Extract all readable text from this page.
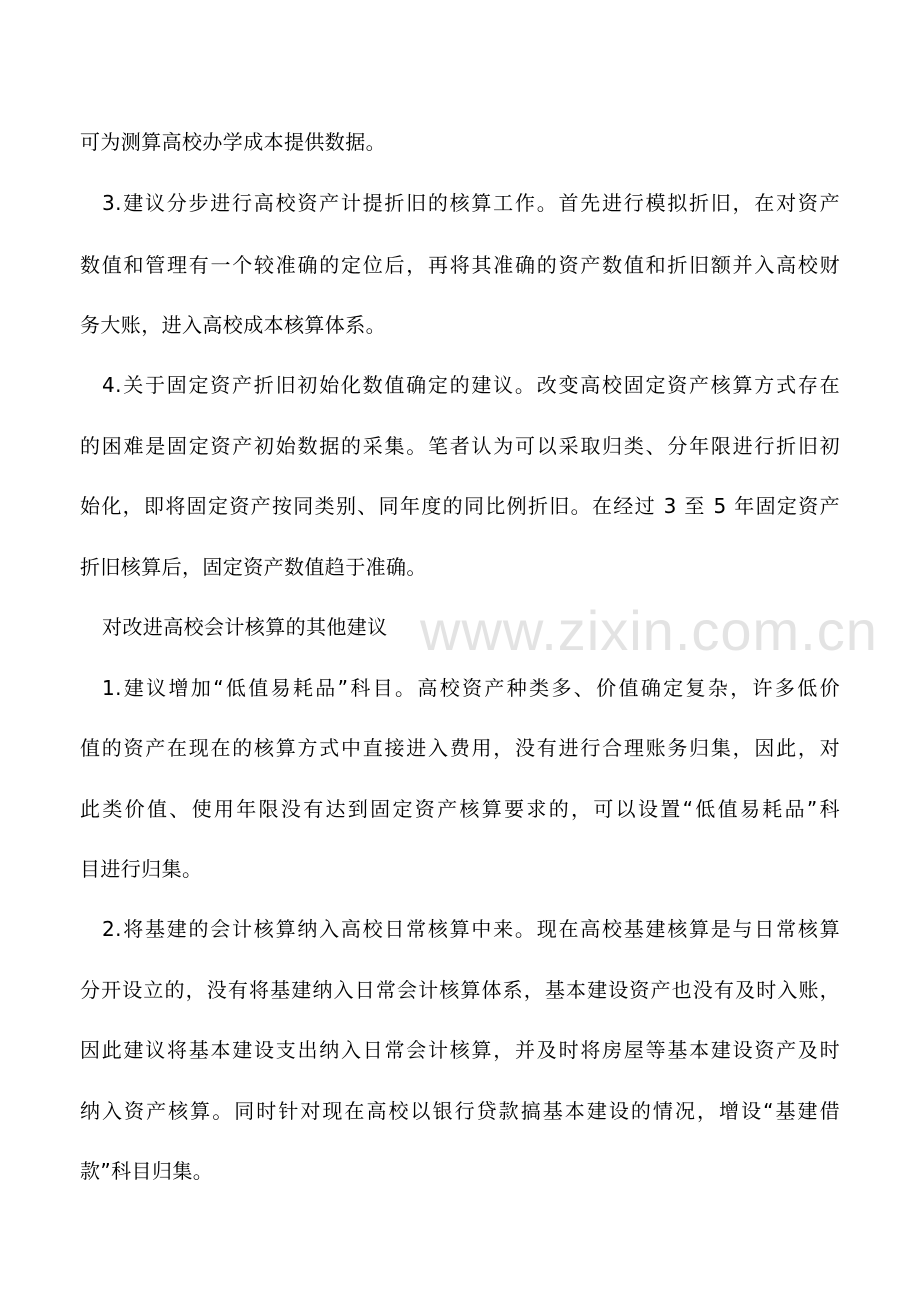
www.zixin.com.cn
可为测算高校办学成本提供数据。
3.建议分步进行高校资产计提折旧的核算工作。首先进行模拟折旧，在对资产
数值和管理有一个较准确的定位后，再将其准确的资产数值和折旧额并入高校财
务大账，进入高校成本核算体系。
4.关于固定资产折旧初始化数值确定的建议。改变高校固定资产核算方式存在
的困难是固定资产初始数据的采集。笔者认为可以采取归类、分年限进行折旧初
始化，即将固定资产按同类别、同年度的同比例折旧。在经过 3 至 5 年固定资产
折旧核算后，固定资产数值趋于准确。
对改进高校会计核算的其他建议
1.建议增加“低值易耗品”科目。高校资产种类多、价值确定复杂，许多低价
值的资产在现在的核算方式中直接进入费用，没有进行合理账务归集，因此，对
此类价值、使用年限没有达到固定资产核算要求的，可以设置“低值易耗品”科
目进行归集。
2.将基建的会计核算纳入高校日常核算中来。现在高校基建核算是与日常核算
分开设立的，没有将基建纳入日常会计核算体系，基本建设资产也没有及时入账，
因此建议将基本建设支出纳入日常会计核算，并及时将房屋等基本建设资产及时
纳入资产核算。同时针对现在高校以银行贷款搞基本建设的情况，增设“基建借
款”科目归集。
